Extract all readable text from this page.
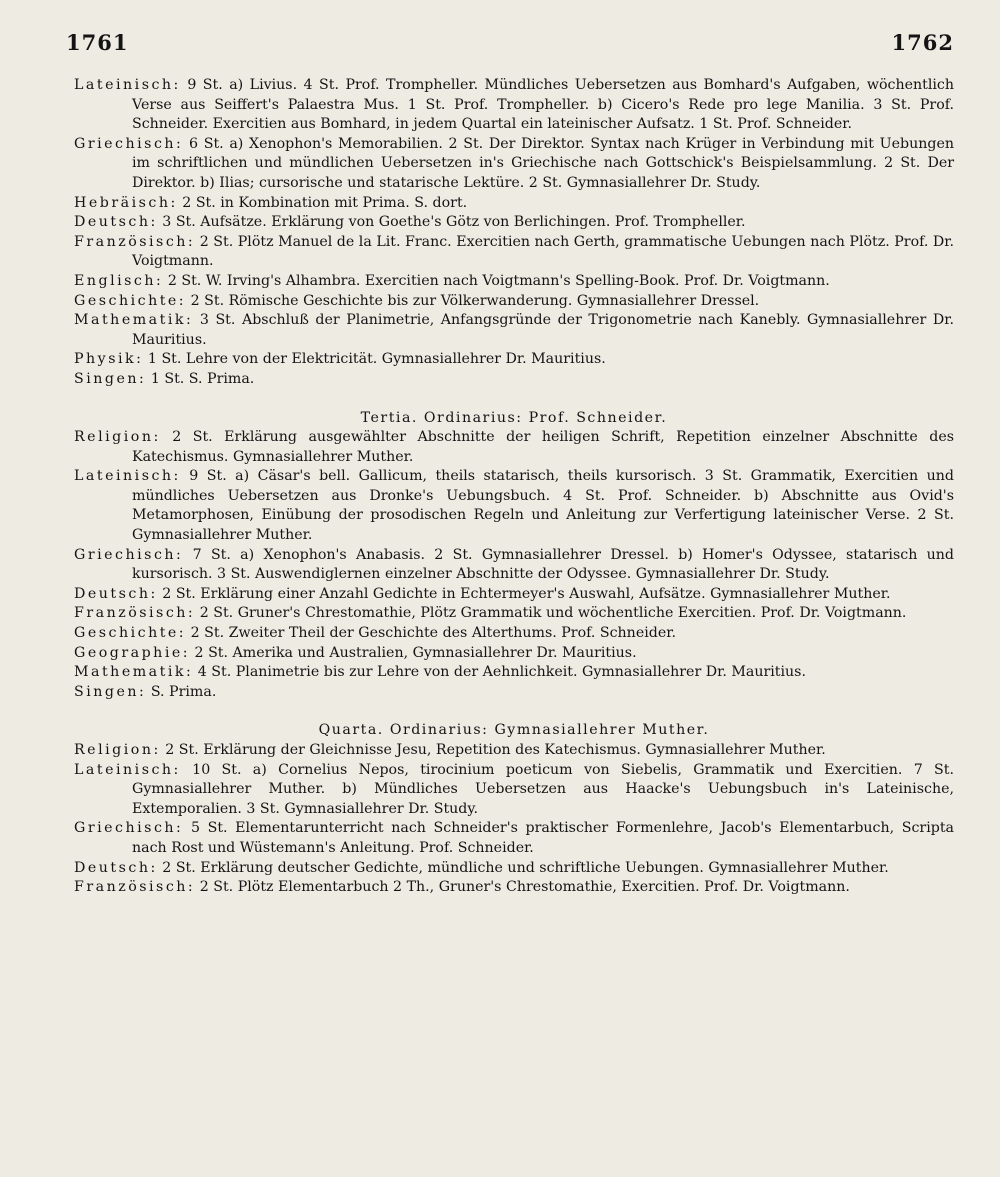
1761	1762

Lateinisch: 9 St. a) Livius. 4 St. Prof. Trompheller. Mündliches Uebersetzen aus Bomhard's Aufgaben, wöchentlich Verse aus Seiffert's Palaestra Mus. 1 St. Prof. Trompheller. b) Cicero's Rede pro lege Manilia. 3 St. Prof. Schneider. Exercitien aus Bomhard, in jedem Quartal ein lateinischer Aufsatz. 1 St. Prof. Schneider.

Griechisch: 6 St. a) Xenophon's Memorabilien. 2 St. Der Direktor. Syntax nach Krüger in Verbindung mit Uebungen im schriftlichen und mündlichen Uebersetzen in's Griechische nach Gottschick's Beispielsammlung. 2 St. Der Direktor. b) Ilias; cursorische und statarische Lektüre. 2 St. Gymnasiallehrer Dr. Study.

Hebräisch: 2 St. in Kombination mit Prima. S. dort.

Deutsch: 3 St. Aufsätze. Erklärung von Goethe's Götz von Berlichingen. Prof. Trompheller.

Französisch: 2 St. Plötz Manuel de la Lit. Franc. Exercitien nach Gerth, grammatische Uebungen nach Plötz. Prof. Dr. Voigtmann.

Englisch: 2 St. W. Irving's Alhambra. Exercitien nach Voigtmann's Spelling-Book. Prof. Dr. Voigtmann.

Geschichte: 2 St. Römische Geschichte bis zur Völkerwanderung. Gymnasiallehrer Dressel.

Mathematik: 3 St. Abschluß der Planimetrie, Anfangsgründe der Trigonometrie nach Kanebly. Gymnasiallehrer Dr. Mauritius.

Physik: 1 St. Lehre von der Elektricität. Gymnasiallehrer Dr. Mauritius.

Singen: 1 St. S. Prima.

Tertia. Ordinarius: Prof. Schneider.

Religion: 2 St. Erklärung ausgewählter Abschnitte der heiligen Schrift, Repetition einzelner Abschnitte des Katechismus. Gymnasiallehrer Muther.

Lateinisch: 9 St. a) Cäsar's bell. Gallicum, theils statarisch, theils kursorisch. 3 St. Grammatik, Exercitien und mündliches Uebersetzen aus Dronke's Uebungsbuch. 4 St. Prof. Schneider. b) Abschnitte aus Ovid's Metamorphosen, Einübung der prosodischen Regeln und Anleitung zur Verfertigung lateinischer Verse. 2 St. Gymnasiallehrer Muther.

Griechisch: 7 St. a) Xenophon's Anabasis. 2 St. Gymnasiallehrer Dressel. b) Homer's Odyssee, statarisch und kursorisch. 3 St. Auswendiglernen einzelner Abschnitte der Odyssee. Gymnasiallehrer Dr. Study.

Deutsch: 2 St. Erklärung einer Anzahl Gedichte in Echtermeyer's Auswahl, Aufsätze. Gymnasiallehrer Muther.

Französisch: 2 St. Gruner's Chrestomathie, Plötz Grammatik und wöchentliche Exercitien. Prof. Dr. Voigtmann.

Geschichte: 2 St. Zweiter Theil der Geschichte des Alterthums. Prof. Schneider.

Geographie: 2 St. Amerika und Australien, Gymnasiallehrer Dr. Mauritius.

Mathematik: 4 St. Planimetrie bis zur Lehre von der Aehnlichkeit. Gymnasiallehrer Dr. Mauritius.

Singen: S. Prima.

Quarta. Ordinarius: Gymnasiallehrer Muther.

Religion: 2 St. Erklärung der Gleichnisse Jesu, Repetition des Katechismus. Gymnasiallehrer Muther.

Lateinisch: 10 St. a) Cornelius Nepos, tirocinium poeticum von Siebelis, Grammatik und Exercitien. 7 St. Gymnasiallehrer Muther. b) Mündliches Uebersetzen aus Haacke's Uebungsbuch in's Lateinische, Extemporalien. 3 St. Gymnasiallehrer Dr. Study.

Griechisch: 5 St. Elementarunterricht nach Schneider's praktischer Formenlehre, Jacob's Elementarbuch, Scripta nach Rost und Wüstemann's Anleitung. Prof. Schneider.

Deutsch: 2 St. Erklärung deutscher Gedichte, mündliche und schriftliche Uebungen. Gymnasiallehrer Muther.

Französisch: 2 St. Plötz Elementarbuch 2 Th., Gruner's Chrestomathie, Exercitien. Prof. Dr. Voigtmann.
